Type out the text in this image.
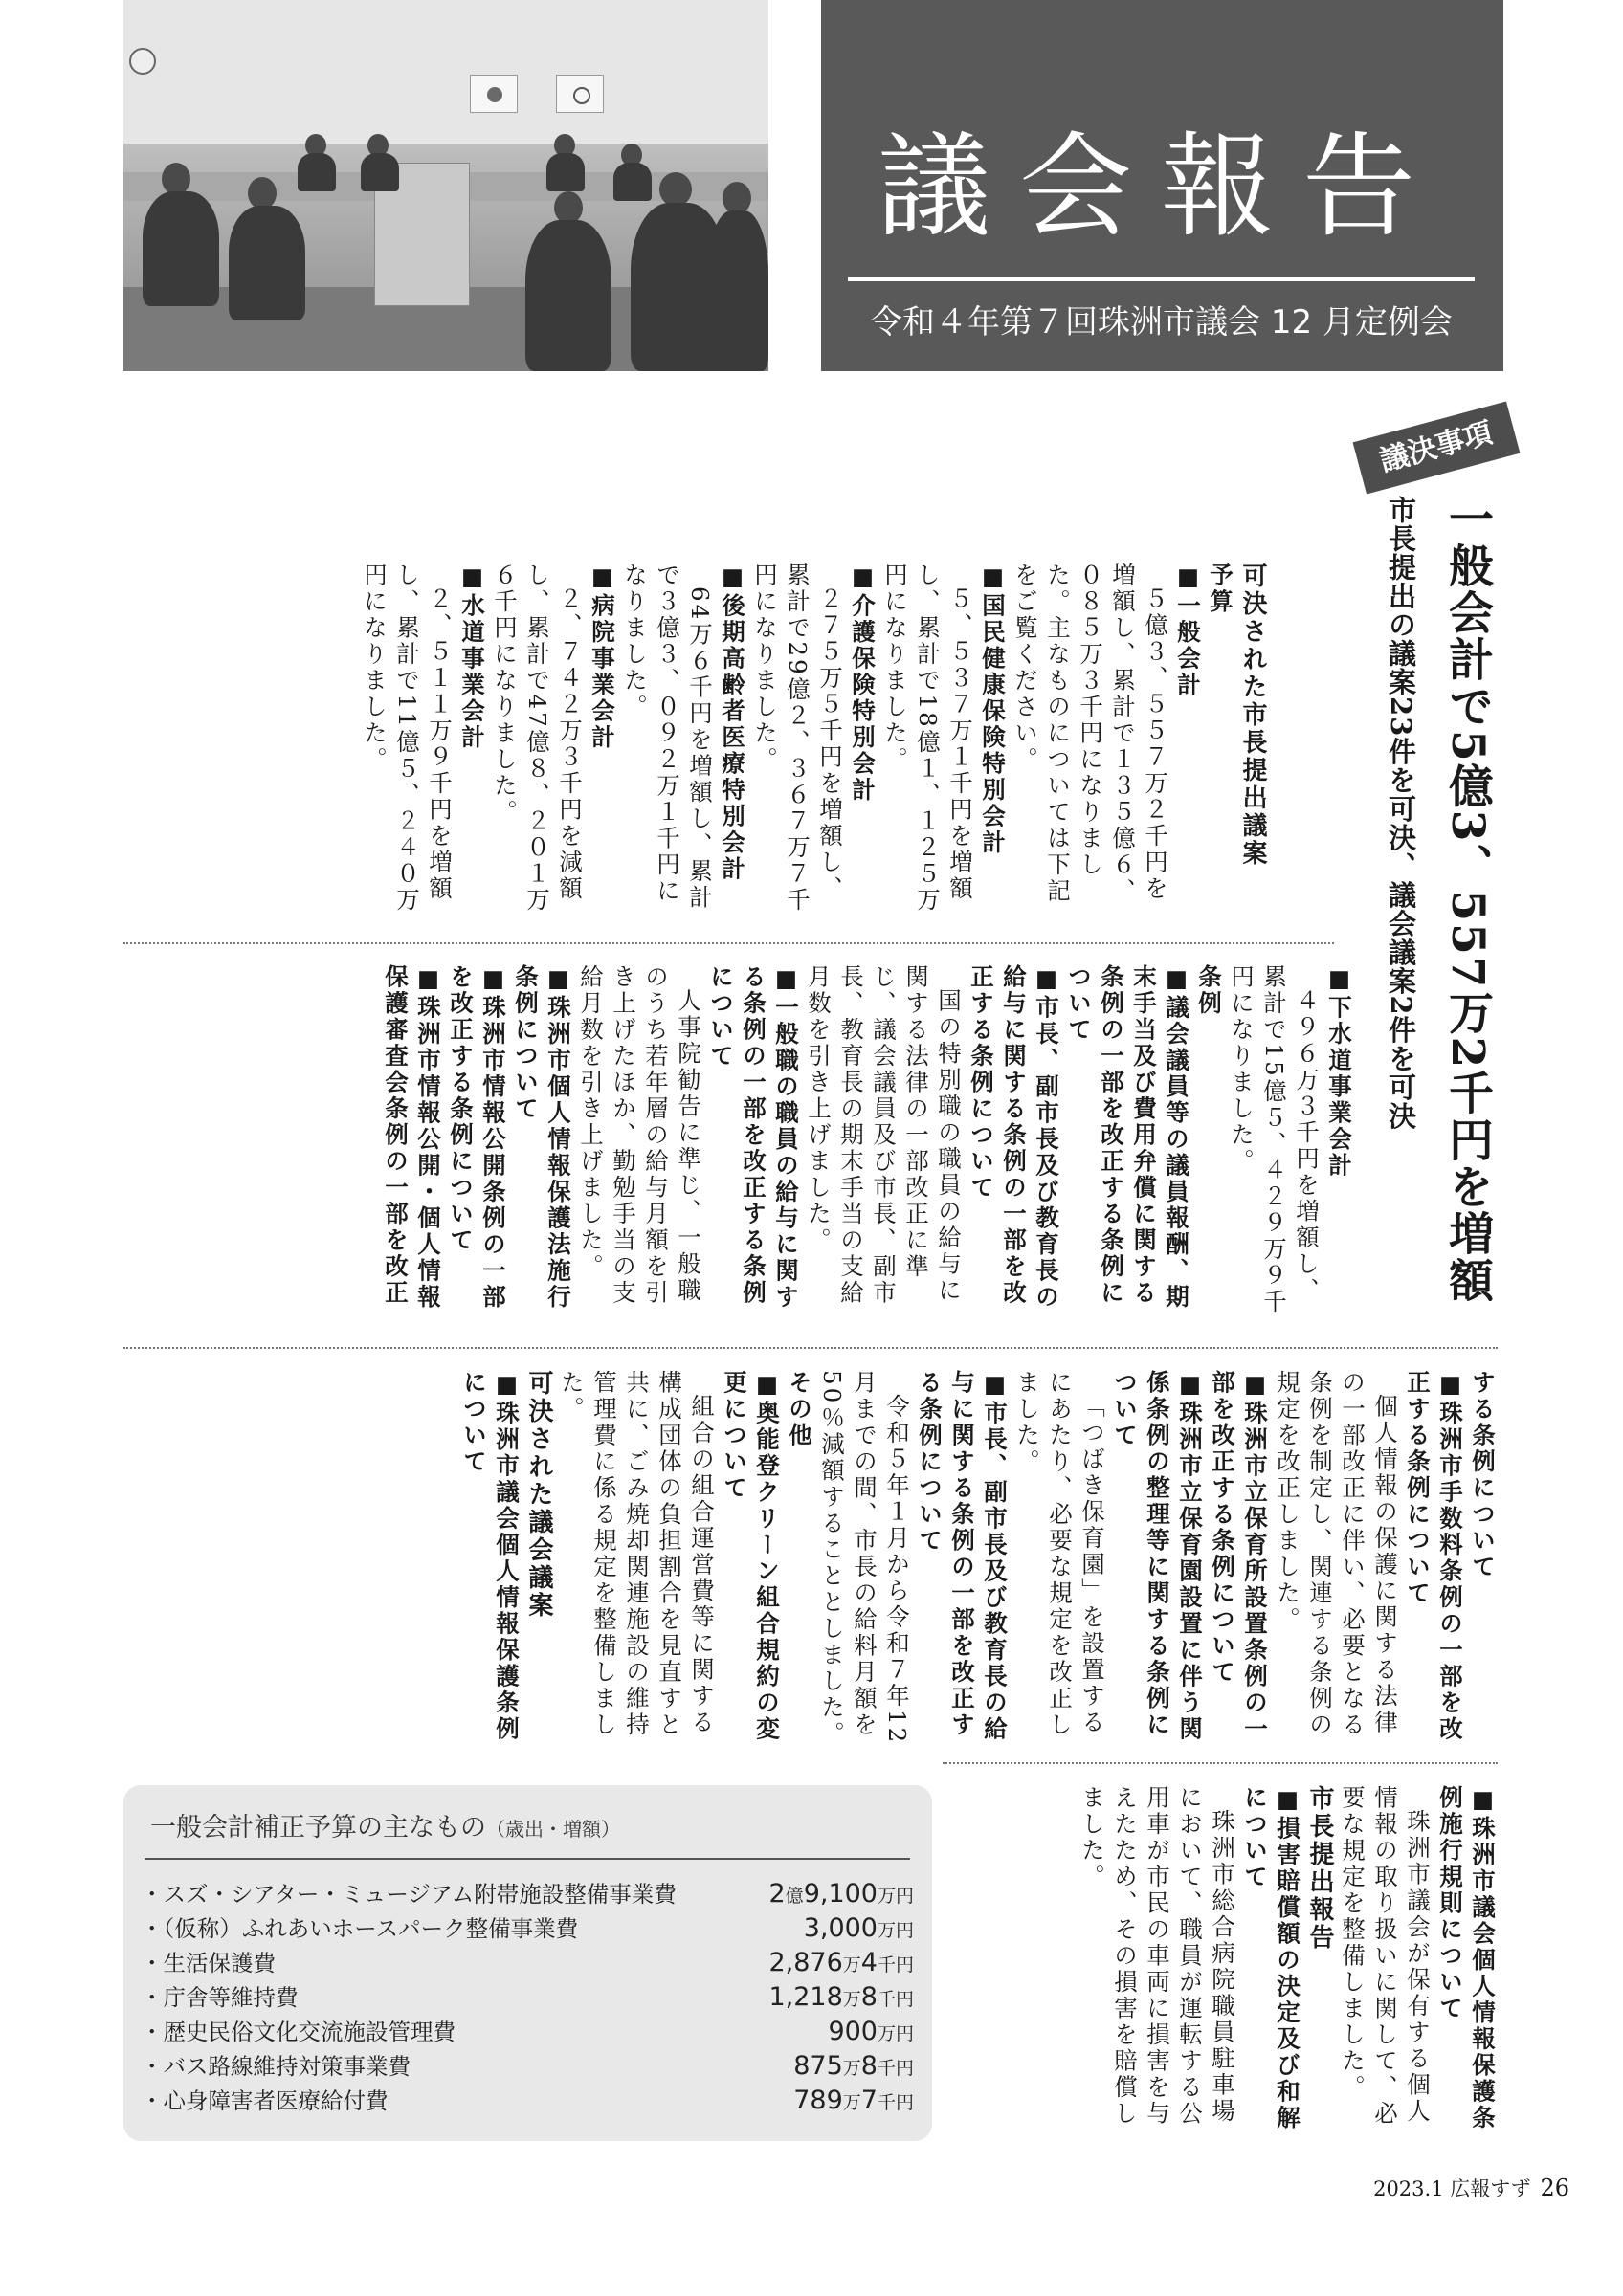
議会報告
令和４年第７回珠洲市議会 12 月定例会
議決事項
一般会計で5億3、557万2千円を増額
市長提出の議案23件を可決、議会議案2件を可決
可決された市長提出議案
予算
■一般会計

５億３、５５７万２千円を増額し、累計で１３５億６、０８５万３千円になりました。主なものについては下記をご覧ください。

■国民健康保険特別会計

５、５３７万１千円を増額し、累計で18億１、１２５万円になりました。

■介護保険特別会計

２７５万５千円を増額し、累計で29億２、３６７万７千円になりました。

■後期高齢者医療特別会計

64万６千円を増額し、累計で３億３、０９２万１千円になりました。

■病院事業会計

２、７４２万３千円を減額し、累計で47億８、２０１万６千円になりました。

■水道事業会計

２、５１１万９千円を増額し、累計で11億５、２４０万円になりました。

■下水道事業会計

４９６万３千円を増額し、累計で15億５、４２９万９千円になりました。

条例
■議会議員等の議員報酬、期末手当及び費用弁償に関する条例の一部を改正する条例について
■市長、副市長及び教育長の給与に関する条例の一部を改正する条例について

国の特別職の職員の給与に関する法律の一部改正に準じ、議会議員及び市長、副市長、教育長の期末手当の支給月数を引き上げました。

■一般職の職員の給与に関する条例の一部を改正する条例について

人事院勧告に準じ、一般職のうち若年層の給与月額を引き上げたほか、勤勉手当の支給月数を引き上げました。

■珠洲市個人情報保護法施行条例について
■珠洲市情報公開条例の一部を改正する条例について
■珠洲市情報公開・個人情報保護審査会条例の一部を改正
する条例について
■珠洲市手数料条例の一部を改正する条例について

個人情報の保護に関する法律の一部改正に伴い、必要となる条例を制定し、関連する条例の規定を改正しました。

■珠洲市立保育所設置条例の一部を改正する条例について
■珠洲市立保育園設置に伴う関係条例の整理等に関する条例について

「つばき保育園」を設置するにあたり、必要な規定を改正しました。

■市長、副市長及び教育長の給与に関する条例の一部を改正する条例について

令和５年１月から令和７年12月までの間、市長の給料月額を50％減額することとしました。

その他
■奥能登クリーン組合規約の変更について

組合の組合運営費等に関する構成団体の負担割合を見直すと共に、ごみ焼却関連施設の維持管理費に係る規定を整備しました。

可決された議会議案
■珠洲市議会個人情報保護条例について
■珠洲市議会個人情報保護条例施行規則について

珠洲市議会が保有する個人情報の取り扱いに関して、必要な規定を整備しました。

市長提出報告
■損害賠償額の決定及び和解について

珠洲市総合病院職員駐車場において、職員が運転する公用車が市民の車両に損害を与えたため、その損害を賠償しました。

一般会計補正予算の主なもの（歳出・増額）
・スズ・シアター・ミュージアム附帯施設整備事業費	2億9,100万円
・（仮称）ふれあいホースパーク整備事業費	3,000万円
・生活保護費	2,876万4千円
・庁舎等維持費	1,218万8千円
・歴史民俗文化交流施設管理費	900万円
・バス路線維持対策事業費	875万8千円
・心身障害者医療給付費	789万7千円
2023.1 広報すず 26
